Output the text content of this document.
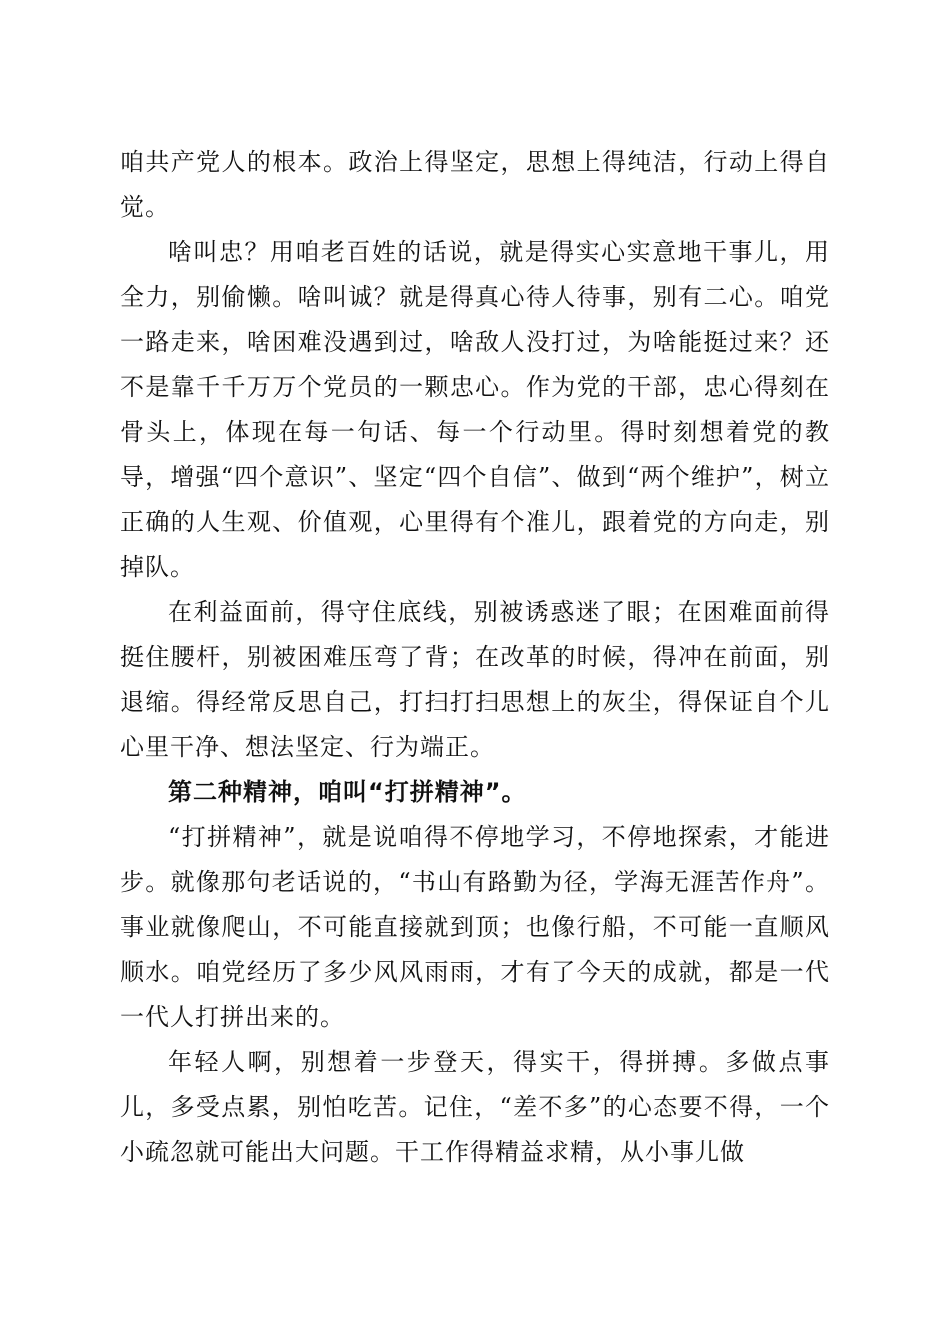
咱共产党人的根本。政治上得坚定，思想上得纯洁，行动上得自觉。

啥叫忠？用咱老百姓的话说，就是得实心实意地干事儿，用全力，别偷懒。啥叫诚？就是得真心待人待事，别有二心。咱党一路走来，啥困难没遇到过，啥敌人没打过，为啥能挺过来？还不是靠千千万万个党员的一颗忠心。作为党的干部，忠心得刻在骨头上，体现在每一句话、每一个行动里。得时刻想着党的教导，增强“四个意识”、坚定“四个自信”、做到“两个维护”，树立正确的人生观、价值观，心里得有个准儿，跟着党的方向走，别掉队。

在利益面前，得守住底线，别被诱惑迷了眼；在困难面前得挺住腰杆，别被困难压弯了背；在改革的时候，得冲在前面，别退缩。得经常反思自己，打扫打扫思想上的灰尘，得保证自个儿心里干净、想法坚定、行为端正。

第二种精神，咱叫“打拼精神”。

“打拼精神”，就是说咱得不停地学习，不停地探索，才能进步。就像那句老话说的，“书山有路勤为径，学海无涯苦作舟”。事业就像爬山，不可能直接就到顶；也像行船，不可能一直顺风顺水。咱党经历了多少风风雨雨，才有了今天的成就，都是一代一代人打拼出来的。

年轻人啊，别想着一步登天，得实干，得拼搏。多做点事儿，多受点累，别怕吃苦。记住，“差不多”的心态要不得，一个小疏忽就可能出大问题。干工作得精益求精，从小事儿做
